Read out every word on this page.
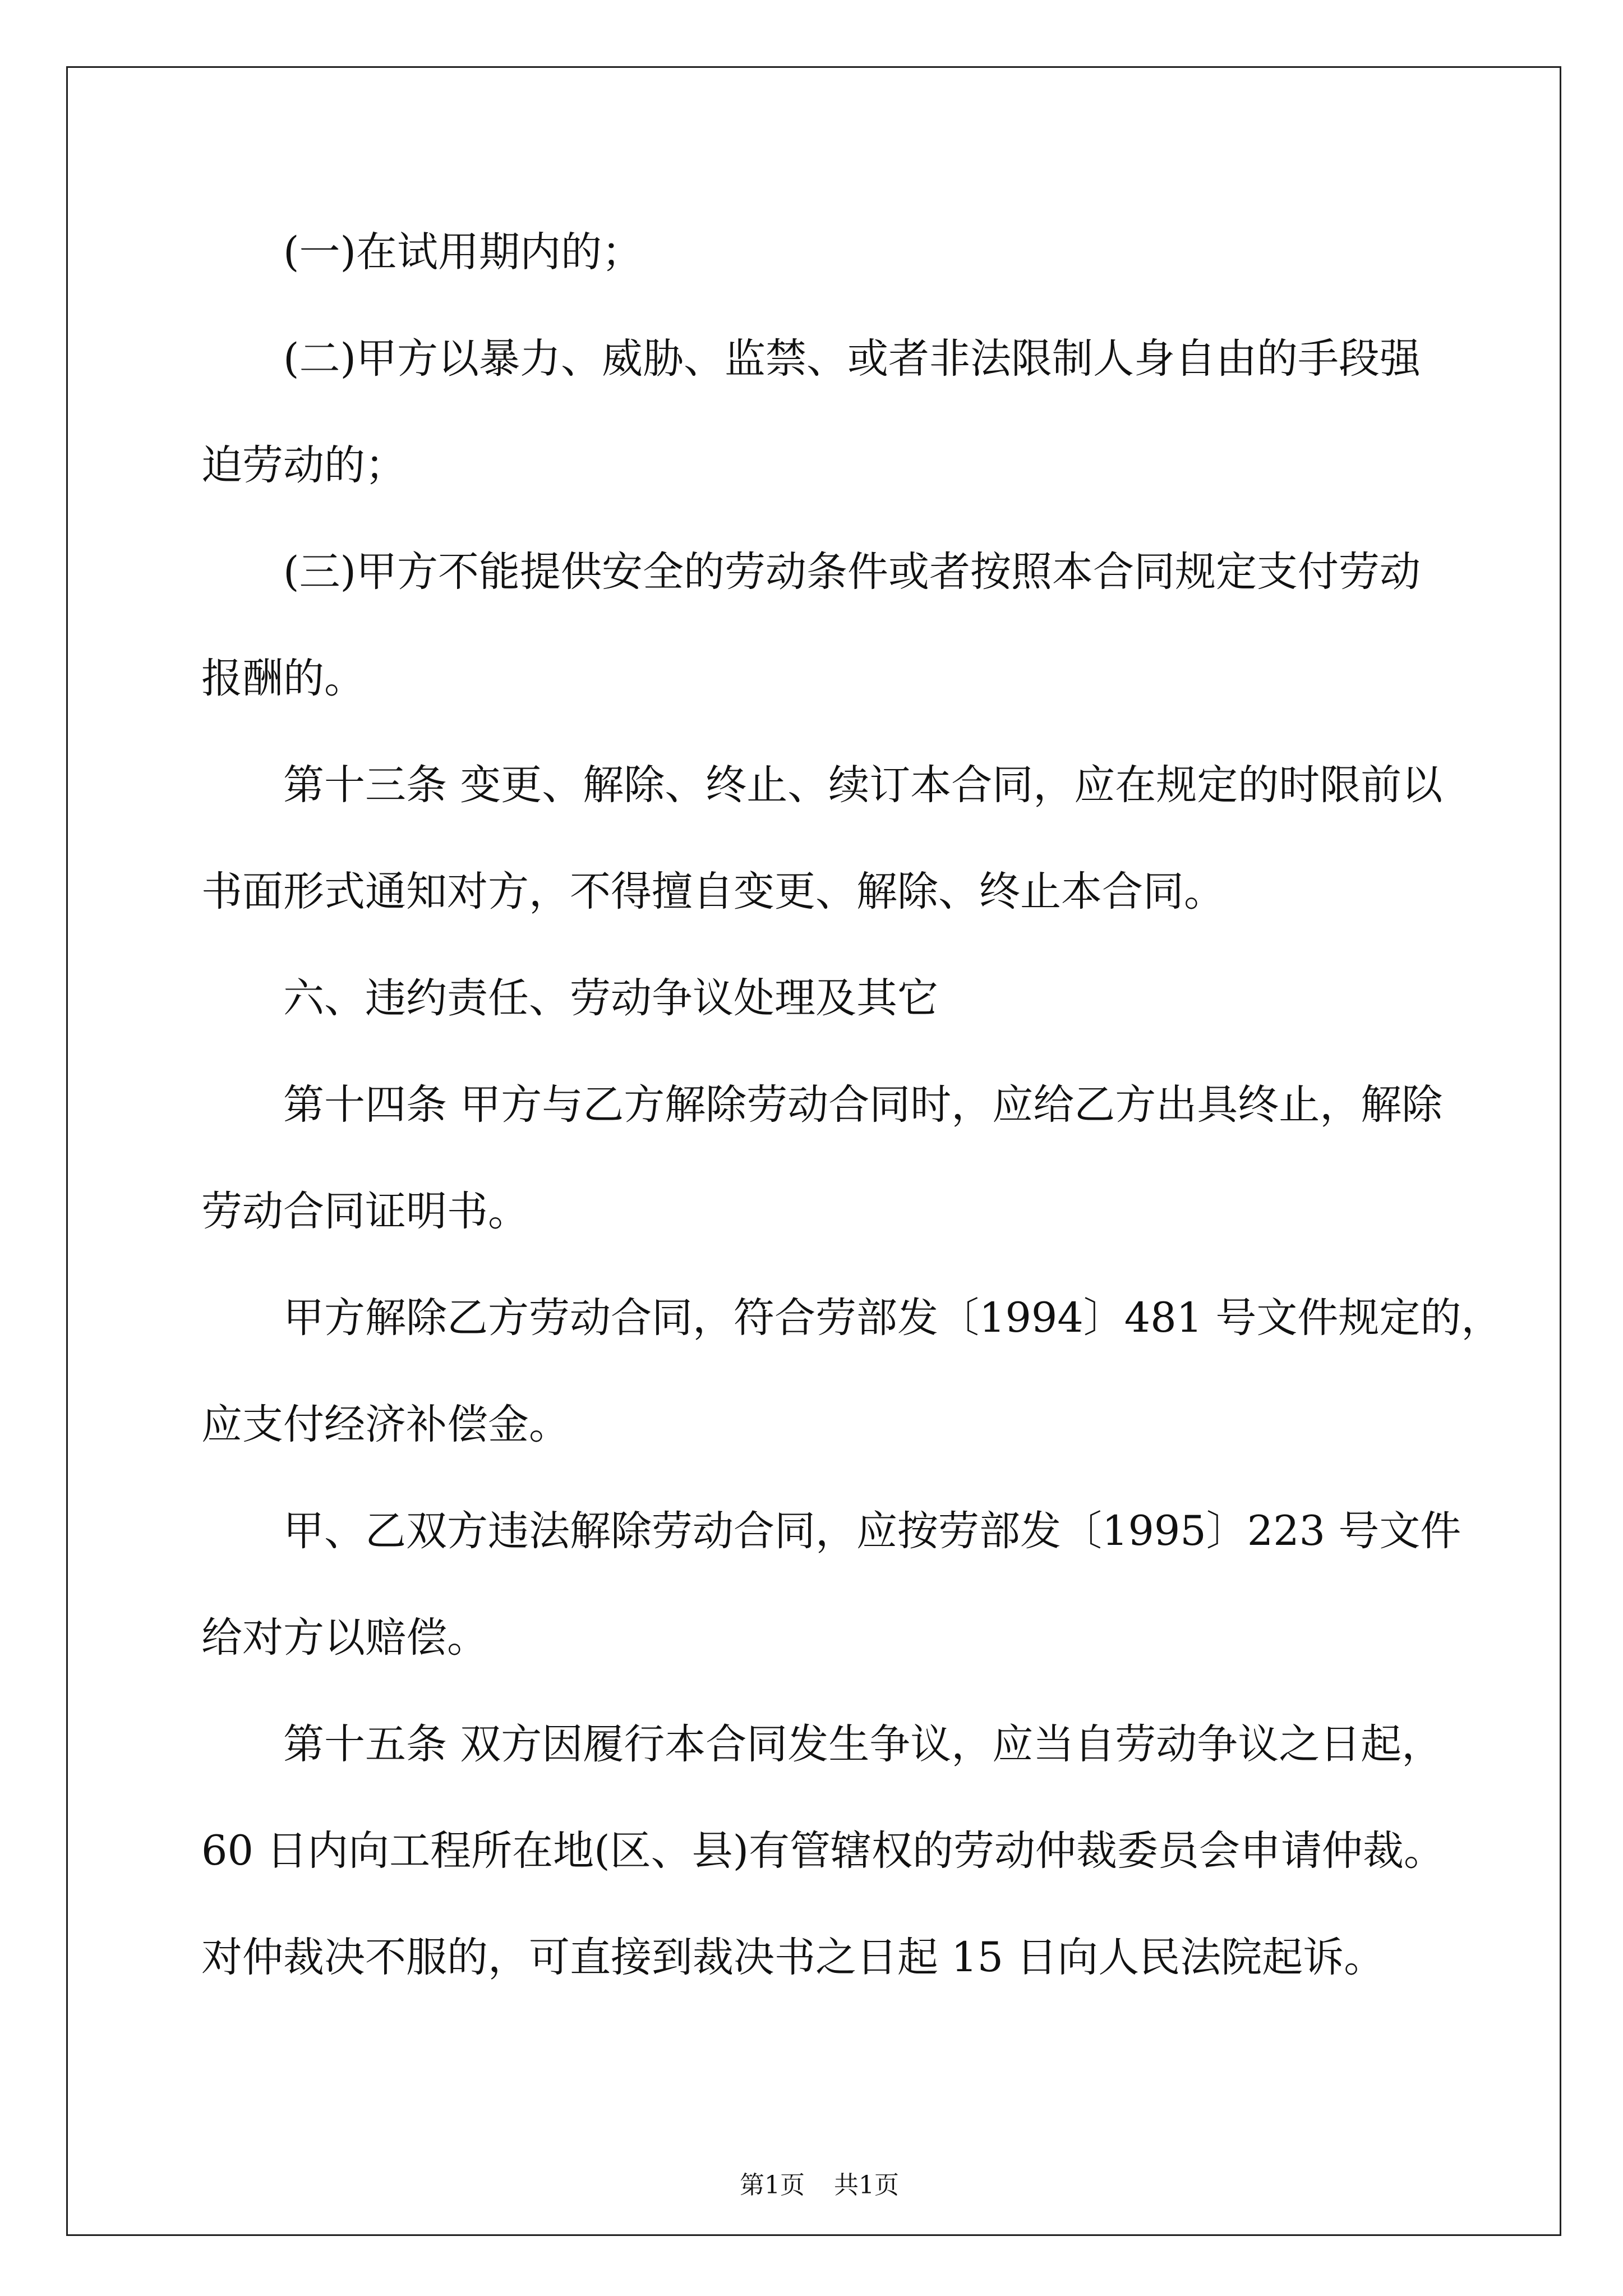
(一)在试用期内的；
(二)甲方以暴力、威胁、监禁、或者非法限制人身自由的手段强
迫劳动的；
(三)甲方不能提供安全的劳动条件或者按照本合同规定支付劳动
报酬的。
第十三条 变更、解除、终止、续订本合同，应在规定的时限前以
书面形式通知对方，不得擅自变更、解除、终止本合同。
六、违约责任、劳动争议处理及其它
第十四条 甲方与乙方解除劳动合同时，应给乙方出具终止，解除
劳动合同证明书。
甲方解除乙方劳动合同，符合劳部发〔1994〕481 号文件规定的，
应支付经济补偿金。
甲、乙双方违法解除劳动合同，应按劳部发〔1995〕223 号文件
给对方以赔偿。
第十五条 双方因履行本合同发生争议，应当自劳动争议之日起，
60 日内向工程所在地(区、县)有管辖权的劳动仲裁委员会申请仲裁。
对仲裁决不服的，可直接到裁决书之日起 15 日向人民法院起诉。

第1页 共1页
